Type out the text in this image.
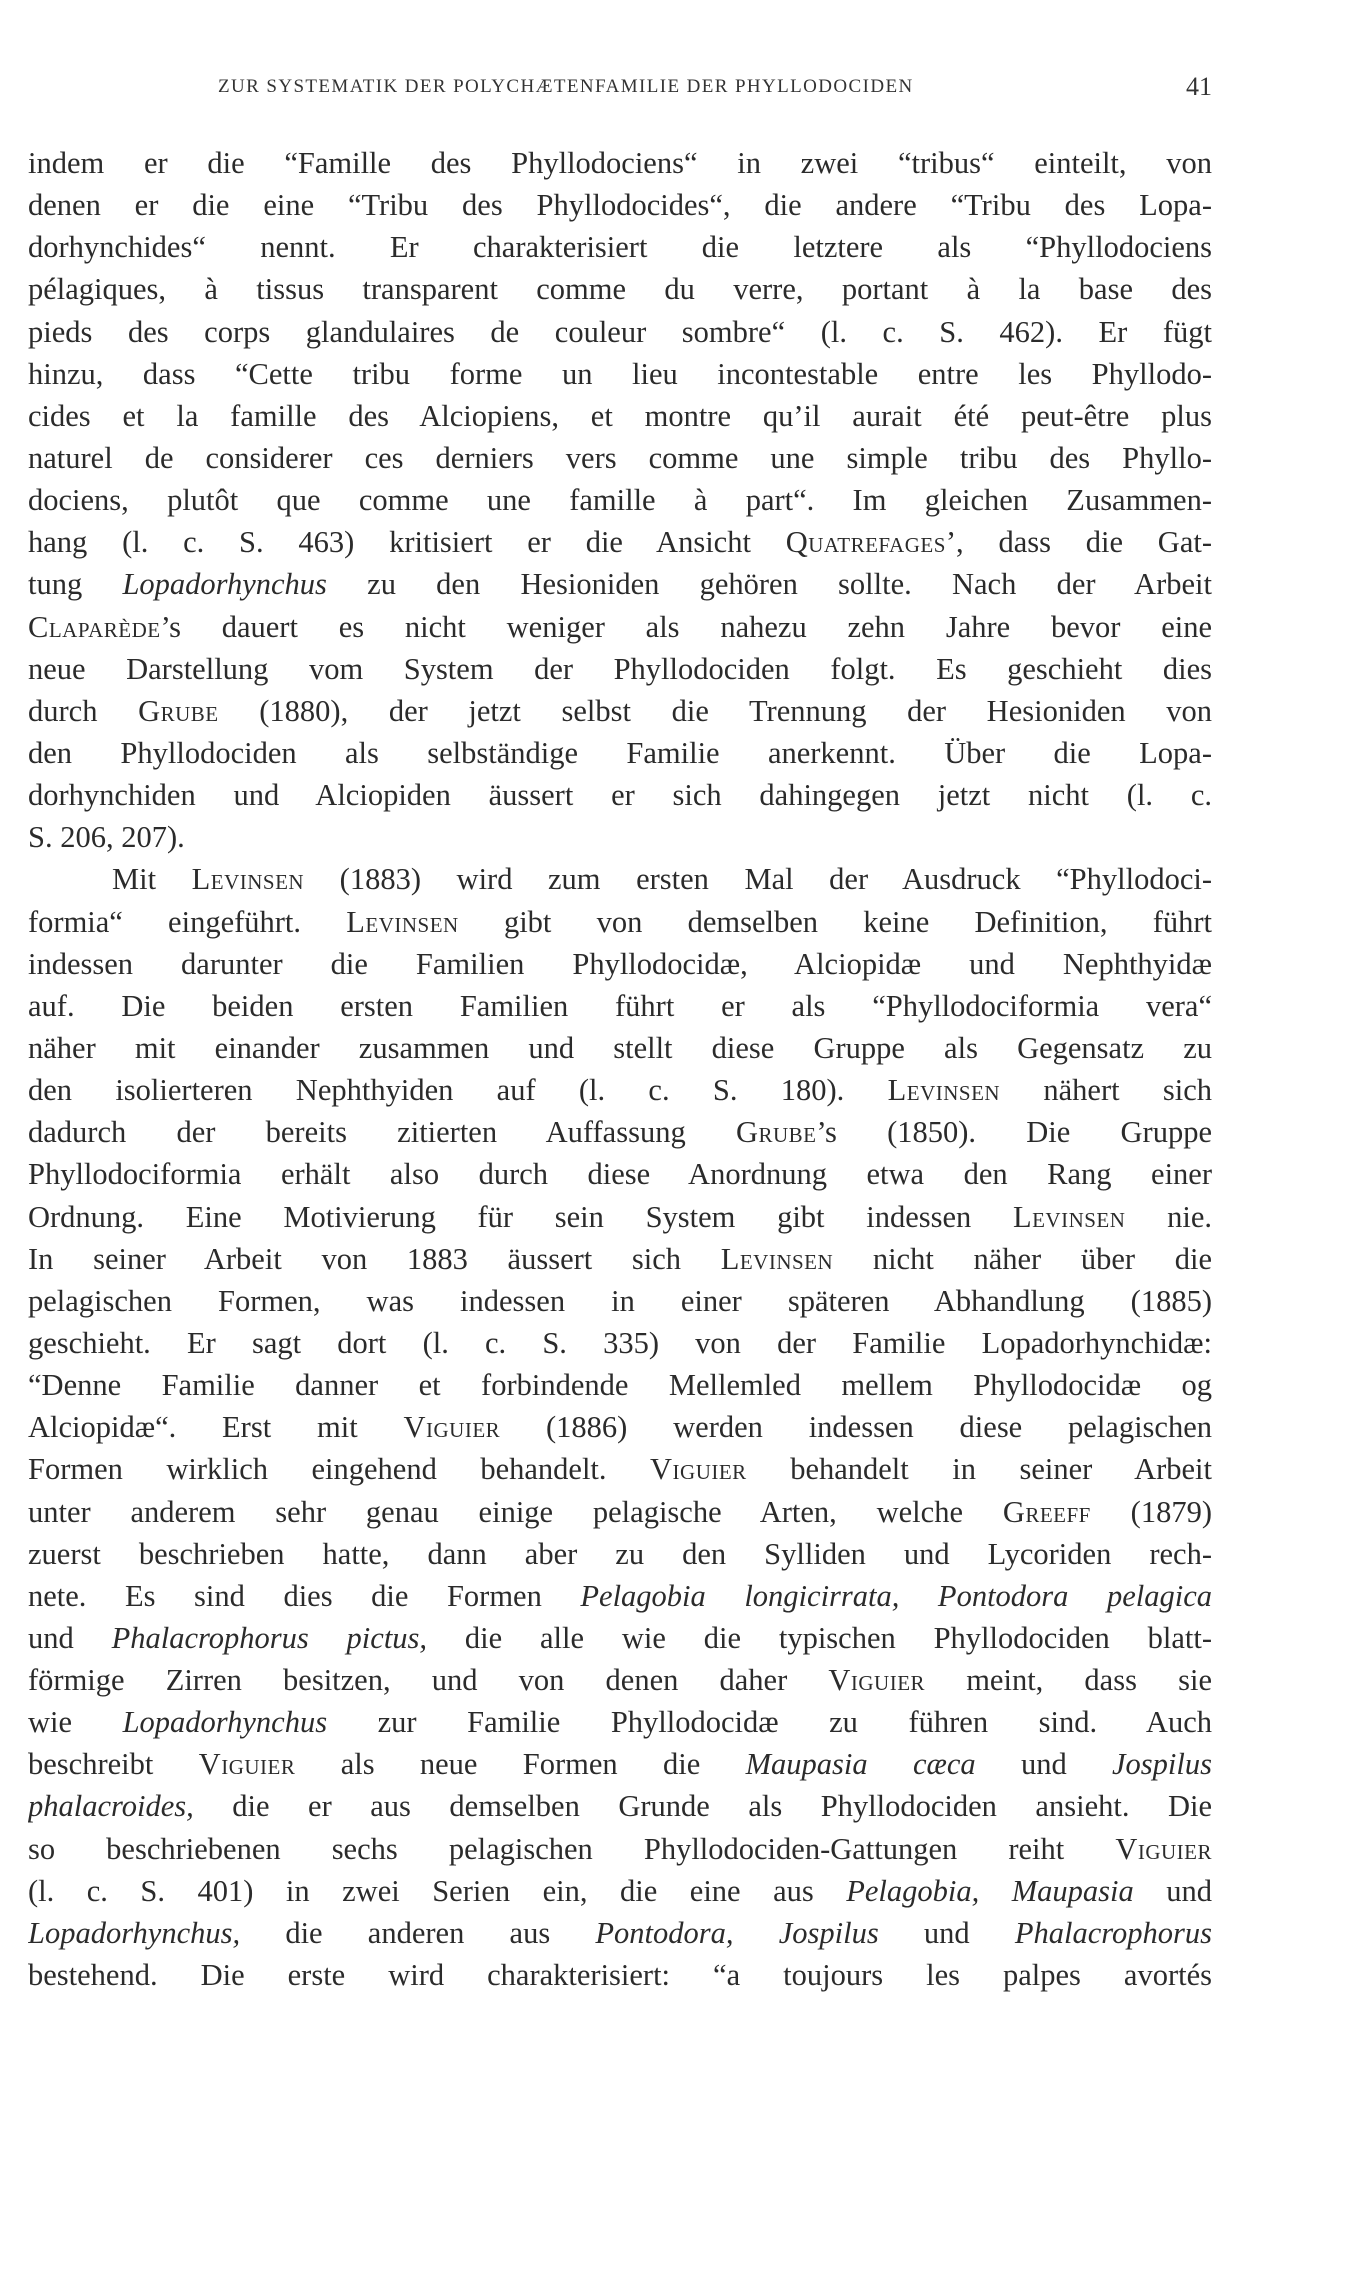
ZUR SYSTEMATIK DER POLYCHÆTENFAMILIE DER PHYLLODOCIDEN	41
indem er die “Famille des Phyllodociens“ in zwei “tribus“ einteilt, von
denen er die eine “Tribu des Phyllodocides“, die andere “Tribu des Lopa-
dorhynchides“ nennt. Er charakterisiert die letztere als “Phyllodociens
pélagiques, à tissus transparent comme du verre, portant à la base des
pieds des corps glandulaires de couleur sombre“ (l. c. S. 462). Er fügt
hinzu, dass “Cette tribu forme un lieu incontestable entre les Phyllodo-
cides et la famille des Alciopiens, et montre qu’il aurait été peut-être plus
naturel de considerer ces derniers vers comme une simple tribu des Phyllo-
dociens, plutôt que comme une famille à part“. Im gleichen Zusammen-
hang (l. c. S. 463) kritisiert er die Ansicht Quatrefages’, dass die Gat-
tung Lopadorhynchus zu den Hesioniden gehören sollte. Nach der Arbeit
Claparède’s dauert es nicht weniger als nahezu zehn Jahre bevor eine
neue Darstellung vom System der Phyllodociden folgt. Es geschieht dies
durch Grube (1880), der jetzt selbst die Trennung der Hesioniden von
den Phyllodociden als selbständige Familie anerkennt. Über die Lopa-
dorhynchiden und Alciopiden äussert er sich dahingegen jetzt nicht (l. c.
S. 206, 207).
Mit Levinsen (1883) wird zum ersten Mal der Ausdruck “Phyllodoci-
formia“ eingeführt. Levinsen gibt von demselben keine Definition, führt
indessen darunter die Familien Phyllodocidæ, Alciopidæ und Nephthyidæ
auf. Die beiden ersten Familien führt er als “Phyllodociformia vera“
näher mit einander zusammen und stellt diese Gruppe als Gegensatz zu
den isolierteren Nephthyiden auf (l. c. S. 180). Levinsen nähert sich
dadurch der bereits zitierten Auffassung Grube’s (1850). Die Gruppe
Phyllodociformia erhält also durch diese Anordnung etwa den Rang einer
Ordnung. Eine Motivierung für sein System gibt indessen Levinsen nie.
In seiner Arbeit von 1883 äussert sich Levinsen nicht näher über die
pelagischen Formen, was indessen in einer späteren Abhandlung (1885)
geschieht. Er sagt dort (l. c. S. 335) von der Familie Lopadorhynchidæ:
“Denne Familie danner et forbindende Mellemled mellem Phyllodocidæ og
Alciopidæ“. Erst mit Viguier (1886) werden indessen diese pelagischen
Formen wirklich eingehend behandelt. Viguier behandelt in seiner Arbeit
unter anderem sehr genau einige pelagische Arten, welche Greeff (1879)
zuerst beschrieben hatte, dann aber zu den Sylliden und Lycoriden rech-
nete. Es sind dies die Formen Pelagobia longicirrata, Pontodora pelagica
und Phalacrophorus pictus, die alle wie die typischen Phyllodociden blatt-
förmige Zirren besitzen, und von denen daher Viguier meint, dass sie
wie Lopadorhynchus zur Familie Phyllodocidæ zu führen sind. Auch
beschreibt Viguier als neue Formen die Maupasia cæca und Jospilus
phalacroides, die er aus demselben Grunde als Phyllodociden ansieht. Die
so beschriebenen sechs pelagischen Phyllodociden-Gattungen reiht Viguier
(l. c. S. 401) in zwei Serien ein, die eine aus Pelagobia, Maupasia und
Lopadorhynchus, die anderen aus Pontodora, Jospilus und Phalacrophorus
bestehend. Die erste wird charakterisiert: “a toujours les palpes avortés
